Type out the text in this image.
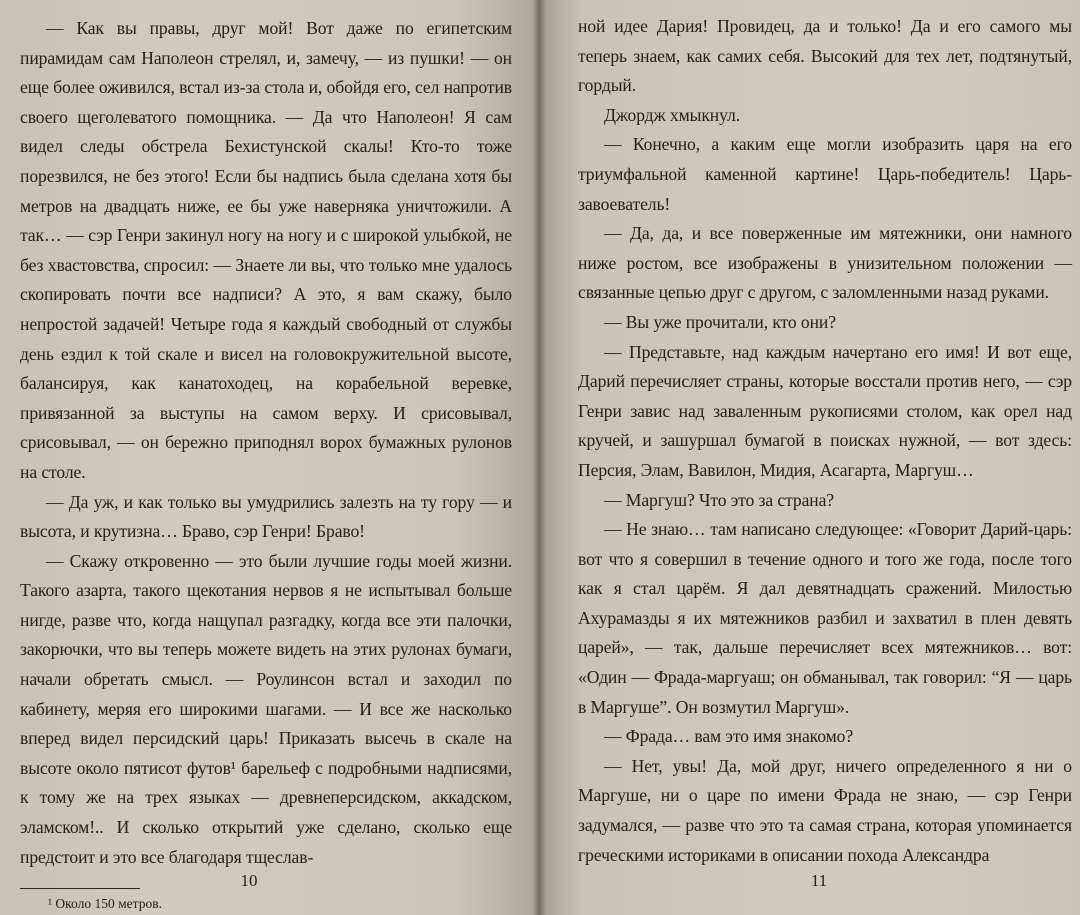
— Как вы правы, друг мой! Вот даже по египетским пирамидам сам Наполеон стрелял, и, замечу, — из пушки! — он еще более оживился, встал из-за стола и, обойдя его, сел напротив своего щеголеватого помощника. — Да что Наполеон! Я сам видел следы обстрела Бехистунской скалы! Кто-то тоже порезвился, не без этого! Если бы надпись была сделана хотя бы метров на двадцать ниже, ее бы уже наверняка уничтожили. А так… — сэр Генри закинул ногу на ногу и с широкой улыбкой, не без хвастовства, спросил: — Знаете ли вы, что только мне удалось скопировать почти все надписи? А это, я вам скажу, было непростой задачей! Четыре года я каждый свободный от службы день ездил к той скале и висел на головокружительной высоте, балансируя, как канатоходец, на корабельной веревке, привязанной за выступы на самом верху. И срисовывал, срисовывал, — он бережно приподнял ворох бумажных рулонов на столе.

— Да уж, и как только вы умудрились залезть на ту гору — и высота, и крутизна… Браво, сэр Генри! Браво!

— Скажу откровенно — это были лучшие годы моей жизни. Такого азарта, такого щекотания нервов я не испытывал больше нигде, разве что, когда нащупал разгадку, когда все эти палочки, закорючки, что вы теперь можете видеть на этих рулонах бумаги, начали обретать смысл. — Роулинсон встал и заходил по кабинету, меряя его широкими шагами. — И все же насколько вперед видел персидский царь! Приказать высечь в скале на высоте около пятисот футов¹ барельеф с подробными надписями, к тому же на трех языках — древнеперсидском, аккадском, эламском!.. И сколько открытий уже сделано, сколько еще предстоит и это все благодаря тщеслав-

¹ Около 150 метров.
10

ной идее Дария! Провидец, да и только! Да и его самого мы теперь знаем, как самих себя. Высокий для тех лет, подтянутый, гордый.

Джордж хмыкнул.

— Конечно, а каким еще могли изобразить царя на его триумфальной каменной картине! Царь-победитель! Царь-завоеватель!

— Да, да, и все поверженные им мятежники, они намного ниже ростом, все изображены в унизительном положении — связанные цепью друг с другом, с заломленными назад руками.

— Вы уже прочитали, кто они?

— Представьте, над каждым начертано его имя! И вот еще, Дарий перечисляет страны, которые восстали против него, — сэр Генри завис над заваленным рукописями столом, как орел над кручей, и зашуршал бумагой в поисках нужной, — вот здесь: Персия, Элам, Вавилон, Мидия, Асагарта, Маргуш…

— Маргуш? Что это за страна?

— Не знаю… там написано следующее: «Говорит Дарий-царь: вот что я совершил в течение одного и того же года, после того как я стал царём. Я дал девятнадцать сражений. Милостью Ахурамазды я их мятежников разбил и захватил в плен девять царей», — так, дальше перечисляет всех мятежников… вот: «Один — Фрада-маргуаш; он обманывал, так говорил: “Я — царь в Маргуше”. Он возмутил Маргуш».

— Фрада… вам это имя знакомо?

— Нет, увы! Да, мой друг, ничего определенного я ни о Маргуше, ни о царе по имени Фрада не знаю, — сэр Генри задумался, — разве что это та самая страна, которая упоминается греческими историками в описании похода Александра

11
